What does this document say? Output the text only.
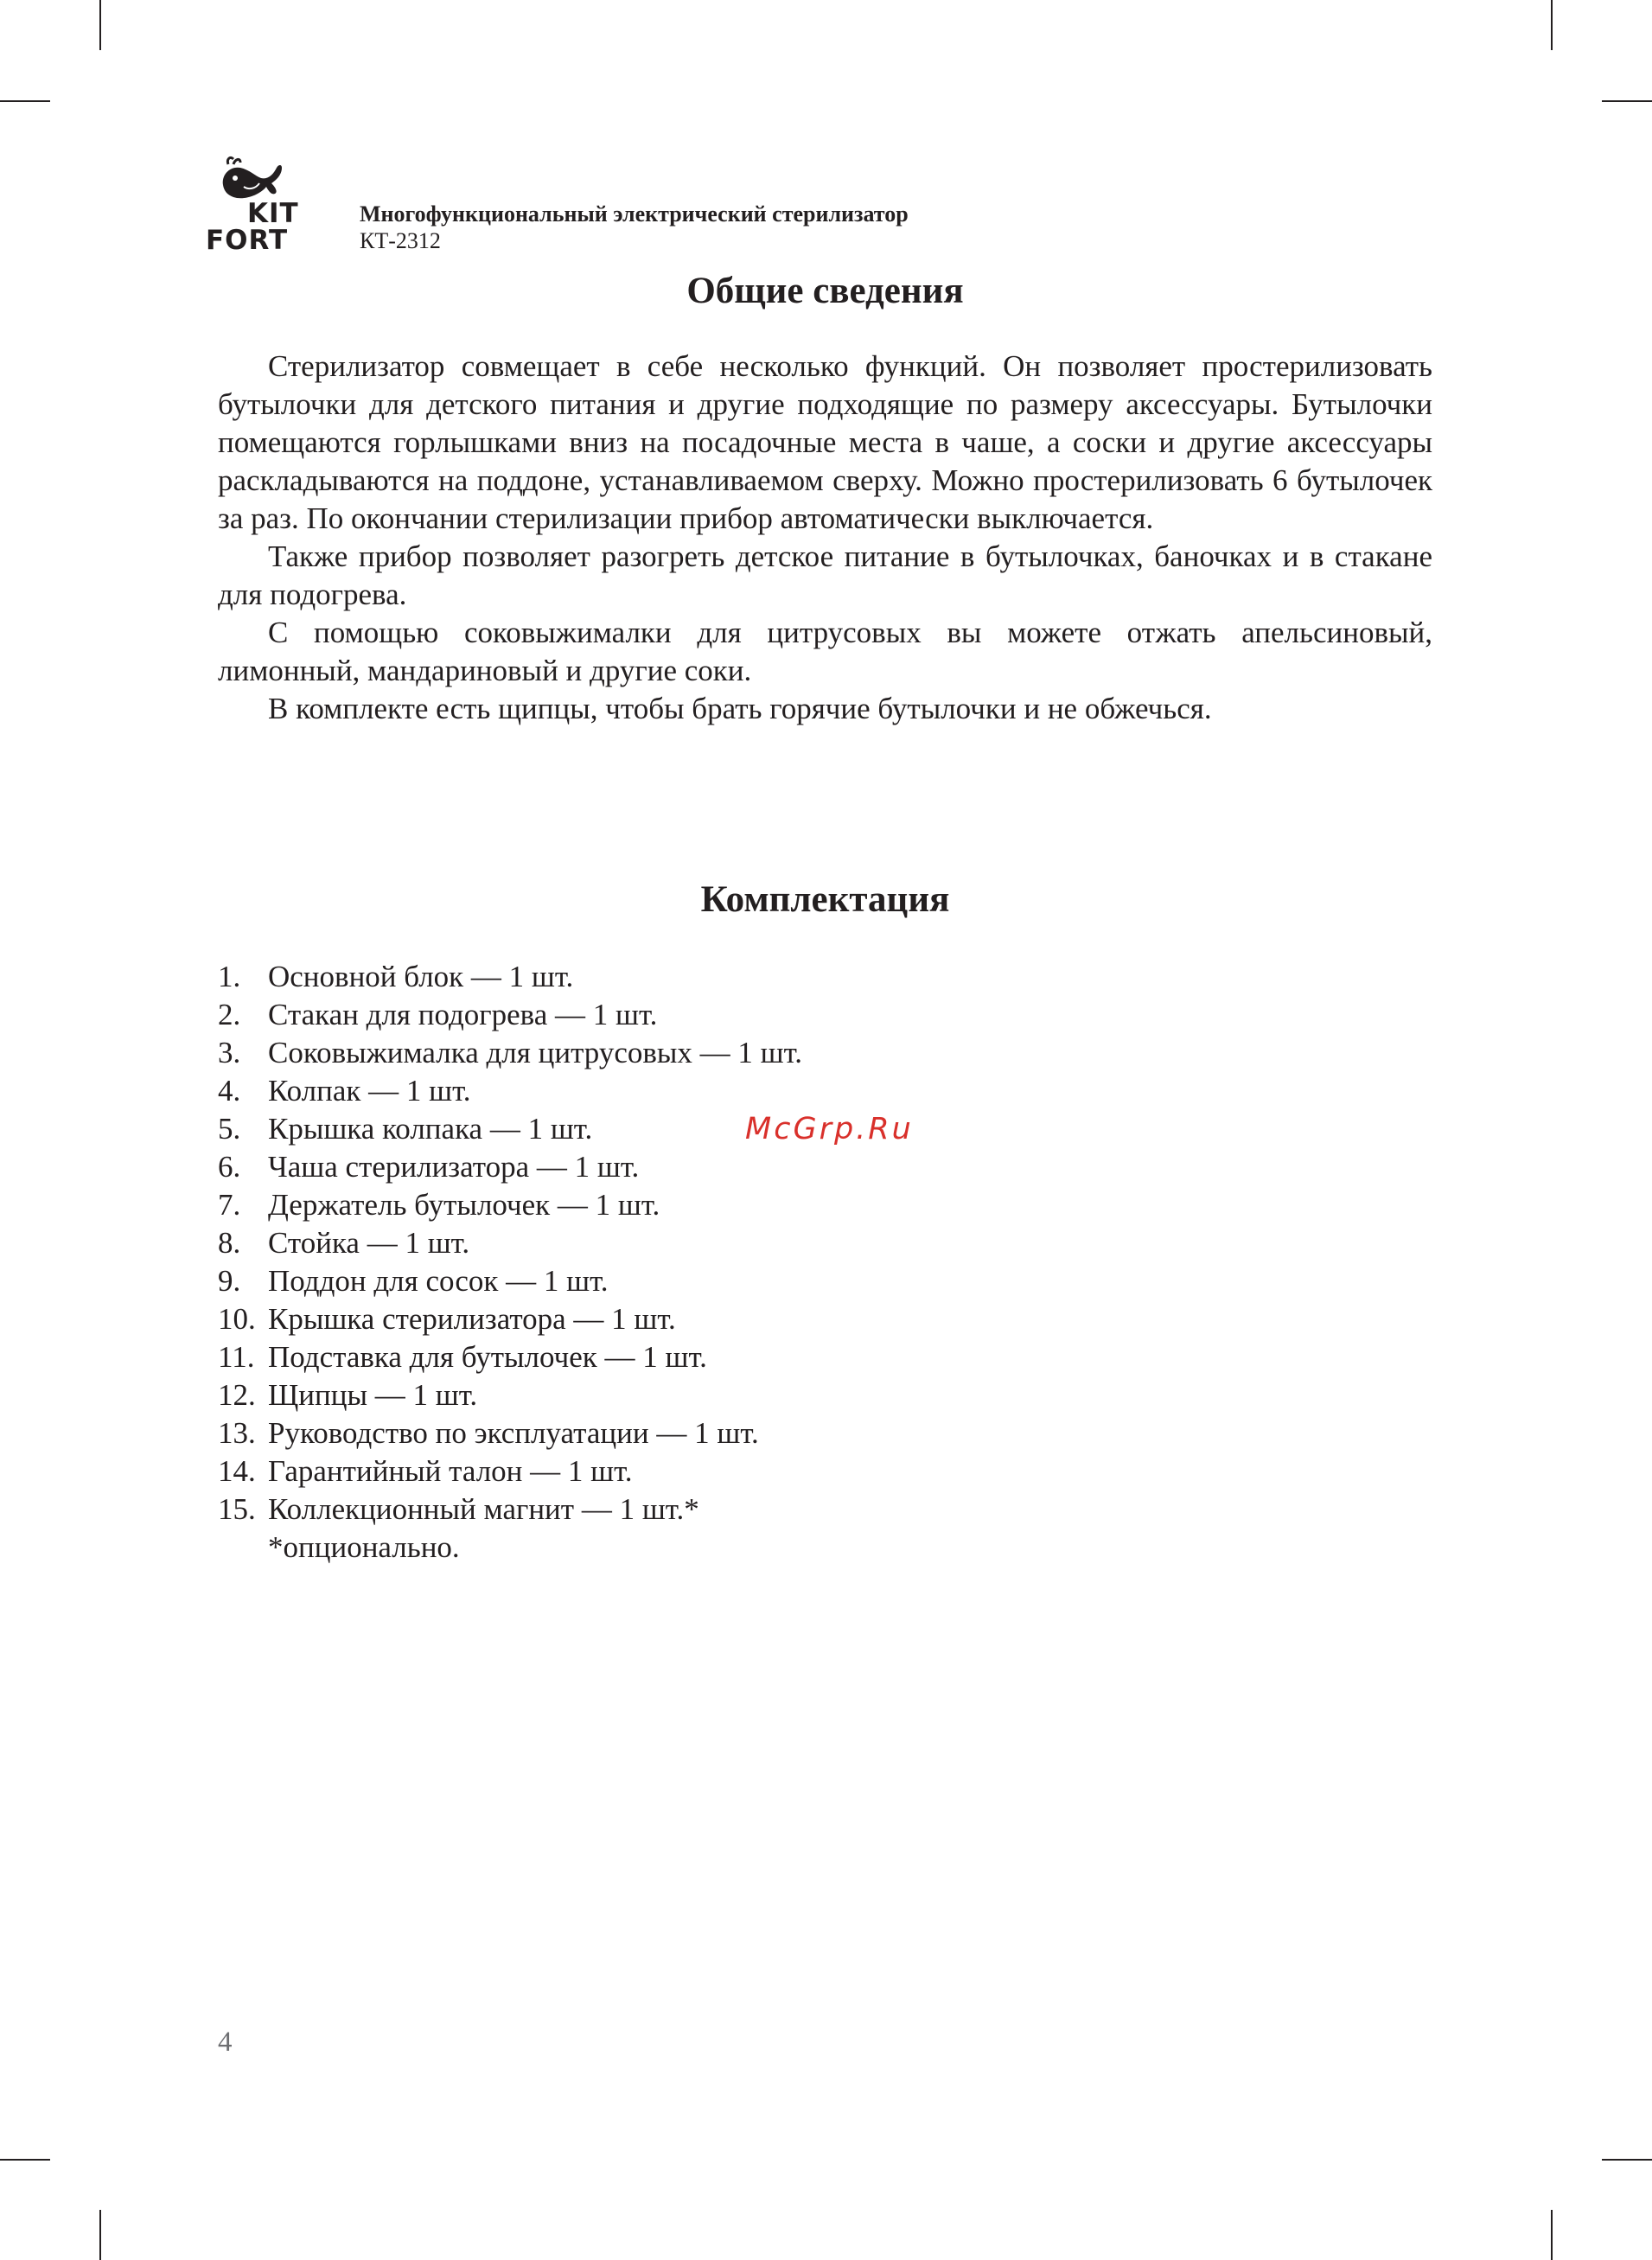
KIT
FORT
Многофункциональный электрический стерилизатор
КТ-2312
Общие сведения

Стерилизатор совмещает в себе несколько функций. Он позволяет простерилизовать бутылочки для детского питания и другие подходящие по размеру аксессуары. Бутылочки помещаются горлышками вниз на посадочные места в чаше, а соски и другие аксессуары раскладываются на поддоне, устанавливаемом сверху. Можно простерилизовать 6 бутылочек за раз. По окончании стерилизации прибор автоматически выключается.

Также прибор позволяет разогреть детское питание в бутылочках, баночках и в стакане для подогрева.

С помощью соковыжималки для цитрусовых вы можете отжать апельсиновый, лимонный, мандариновый и другие соки.

В комплекте есть щипцы, чтобы брать горячие бутылочки и не обжечься.

Комплектация
1. Основной блок — 1 шт.
2. Стакан для подогрева — 1 шт.
3. Соковыжималка для цитрусовых — 1 шт.
4. Колпак — 1 шт.
5. Крышка колпака — 1 шт.
6. Чаша стерилизатора — 1 шт.
7. Держатель бутылочек — 1 шт.
8. Стойка — 1 шт.
9. Поддон для сосок — 1 шт.
10. Крышка стерилизатора — 1 шт.
11. Подставка для бутылочек — 1 шт.
12. Щипцы — 1 шт.
13. Руководство по эксплуатации — 1 шт.
14. Гарантийный талон — 1 шт.
15. Коллекционный магнит — 1 шт.*
*опционально.
McGrp.Ru
4
